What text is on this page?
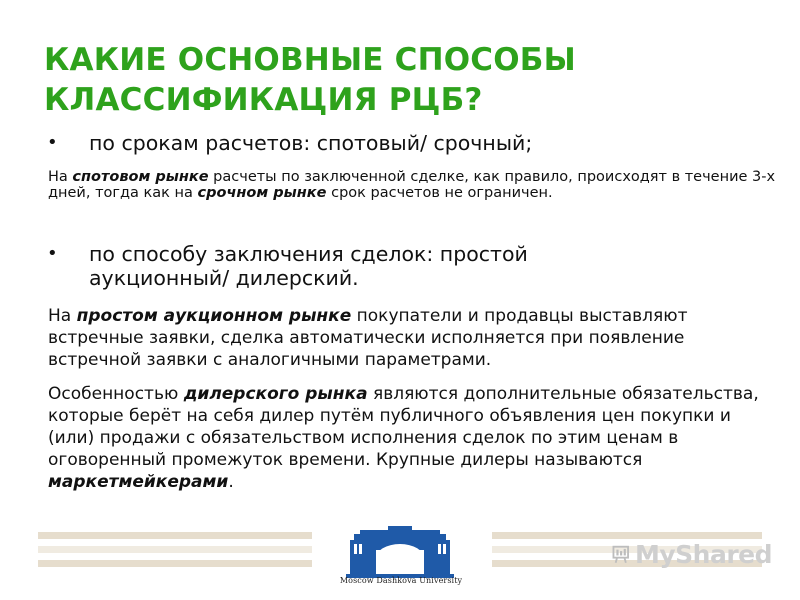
КАКИЕ ОСНОВНЫЕ СПОСОБЫ
КЛАССИФИКАЦИЯ РЦБ?
•	по срокам расчетов: спотовый/ срочный;
На спотовом рынке расчеты по заключенной сделке, как правило, происходят в течение 3-х дней, тогда как на срочном рынке срок расчетов не ограничен.
•	по способу заключения сделок: простой
аукционный/ дилерский.
На простом аукционном рынке покупатели и продавцы выставляют встречные заявки, сделка автоматически исполняется при появление встречной заявки с аналогичными параметрами.
Особенностью дилерского рынка являются дополнительные обязательства, которые берёт на себя дилер путём публичного объявления цен покупки и (или) продажи с обязательством исполнения сделок по этим ценам в оговоренный промежуток времени. Крупные дилеры называются маркетмейкерами.
Moscow Dashkova University
MyShared
